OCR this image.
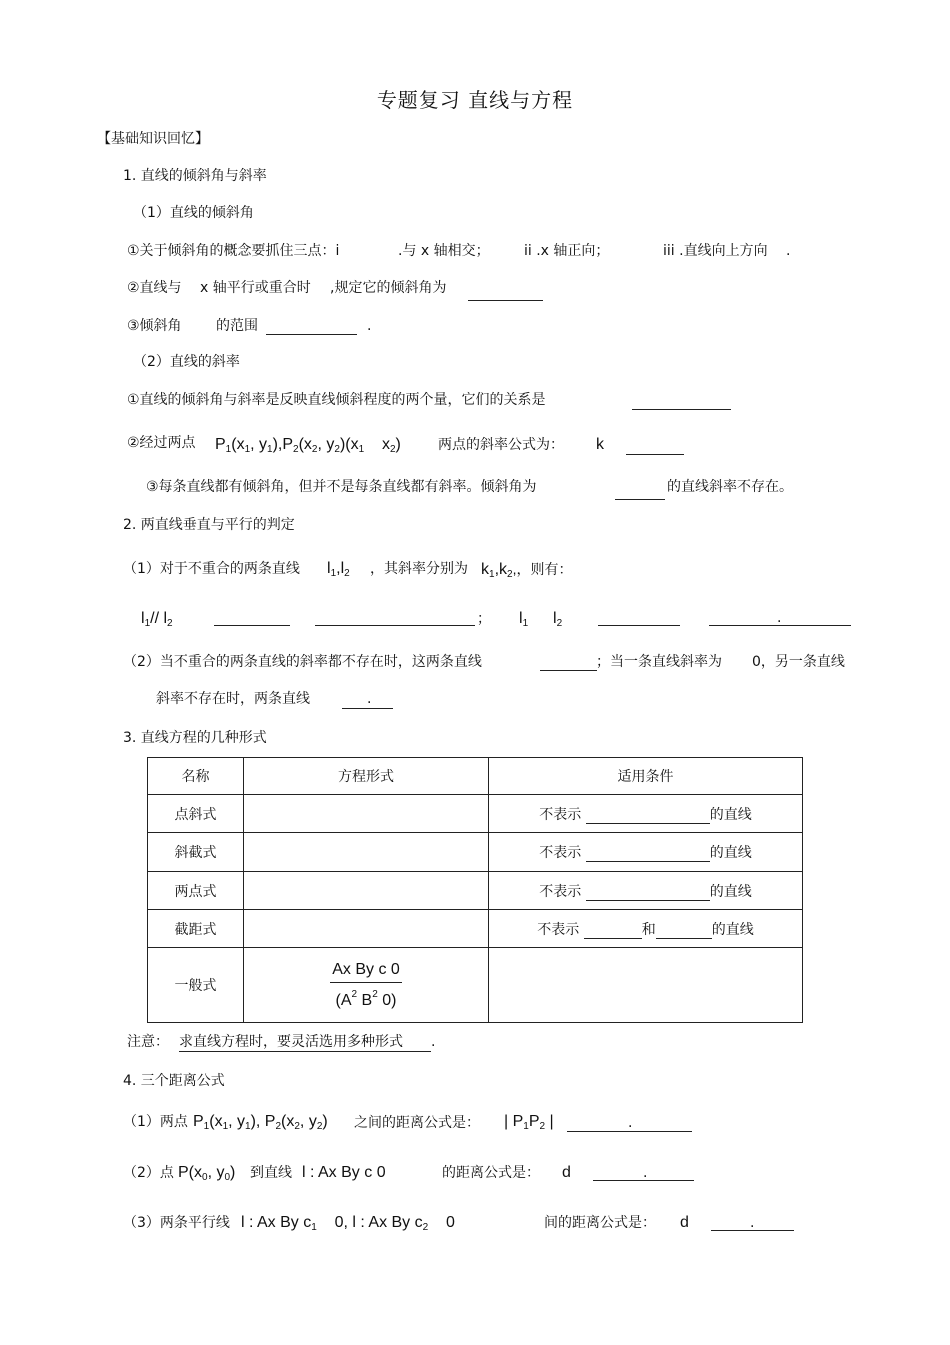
专题复习 直线与方程
【基础知识回忆】
1. 直线的倾斜角与斜率
（1）直线的倾斜角
①关于倾斜角的概念要抓住三点：i	.与 x 轴相交； ii .x 轴正向；	iii .直线向上方向 .
②直线与 x 轴平行或重合时 ,规定它的倾斜角为
③倾斜角 的范围	.
（2）直线的斜率
①直线的倾斜角与斜率是反映直线倾斜程度的两个量，它们的关系是
②经过两点 $P_1(x_1$, $y_1),P_2(x_2$, $y_2)(x_1$ $x_2$)	两点的斜率公式为： k
③每条直线都有倾斜角，但并不是每条直线都有斜率。倾斜角为	的直线斜率不存在。
2. 两直线垂直与平行的判定
（1）对于不重合的两条直线 $l_1,l_2$ ，其斜率分别为 $k_1,k_2$,，则有：
$l_1//$ $l_2$	； $l_1$ $l_2$	.
（2）当不重合的两条直线的斜率都不存在时，这两条直线	；当一条直线斜率为 0，另一条直线
斜率不存在时，两条直线	.
3. 直线方程的几种形式
名称	方程形式	适用条件
点斜式		不表示 的直线
斜截式		不表示 的直线
两点式		不表示 的直线
截距式		不表示 和 的直线
一般式	$\frac{\text{Ax By c 0}}{(A^2 B^2 0)}$

注意： 求直线方程时，要灵活选用多种形式 .
4. 三个距离公式
（1）两点 $P_1(x_1$, $y_1$), $P_2(x_2$, $y_2$) 之间的距离公式是： | $P_1P_2$ |	.
（2）点 $P(x_0$, $y_0$) 到直线 l : Ax By c 0	的距离公式是： d	.
（3）两条平行线 l : Ax By $c_1$ 0, l : Ax By $c_2$ 0	间的距离公式是： d	.
